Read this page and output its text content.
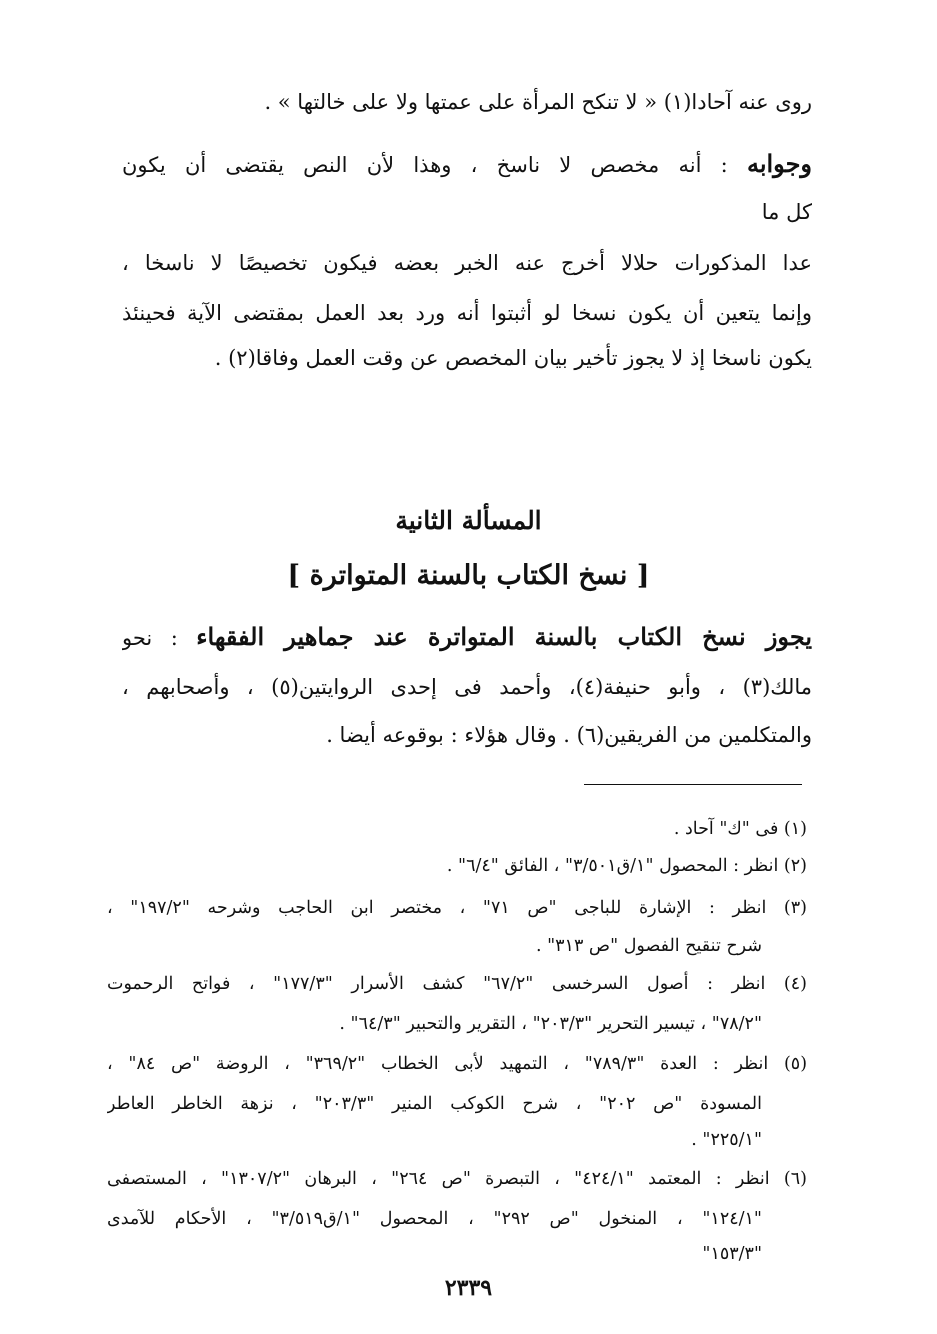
روى عنه آحادا(١) « لا تنكح المرأة على عمتها ولا على خالتها » .
وجوابه : أنه مخصص لا ناسخ ، وهذا لأن النص يقتضى أن يكون
كل ما
عدا المذكورات حلالا أخرج عنه الخبر بعضه فيكون تخصيصًا لا ناسخا ،
وإنما يتعين أن يكون نسخا لو أثبتوا أنه ورد بعد العمل بمقتضى الآية فحينئذ
يكون ناسخا إذ لا يجوز تأخير بيان المخصص عن وقت العمل وفاقا(٢) .
المسألة الثانية
[ نسخ الكتاب بالسنة المتواترة ]
يجوز نسخ الكتاب بالسنة المتواترة عند جماهير الفقهاء : نحو
مالك(٣) ، وأبو حنيفة(٤)، وأحمد فى إحدى الروايتين(٥) ، وأصحابهم ،
والمتكلمين من الفريقين(٦) . وقال هؤلاء : بوقوعه أيضا .
(١) فى "ك" آحاد .
(٢) انظر : المحصول "١/ق٣/٥٠١" ، الفائق "٦/٤" .
(٣) انظر : الإشارة للباجى "ص ٧١" ، مختصر ابن الحاجب وشرحه "١٩٧/٢" ،
شرح تنقيح الفصول "ص ٣١٣" .
(٤) انظر : أصول السرخسى "٦٧/٢" كشف الأسرار "١٧٧/٣" ، فواتح الرحموت
"٧٨/٢" ، تيسير التحرير "٢٠٣/٣" ، التقرير والتحبير "٦٤/٣" .
(٥) انظر : العدة "٧٨٩/٣" ، التمهيد لأبى الخطاب "٣٦٩/٢" ، الروضة "ص ٨٤" ،
المسودة "ص ٢٠٢" ، شرح الكوكب المنير "٢٠٣/٣" ، نزهة الخاطر العاطر
"٢٢٥/١" .
(٦) انظر : المعتمد "٤٢٤/١" ، التبصرة "ص ٢٦٤" ، البرهان "١٣٠٧/٢" ، المستصفى
"١٢٤/١" ، المنخول "ص ٢٩٢" ، المحصول "١/ق٣/٥١٩" ، الأحكام للآمدى
"١٥٣/٣"
٢٣٣٩
